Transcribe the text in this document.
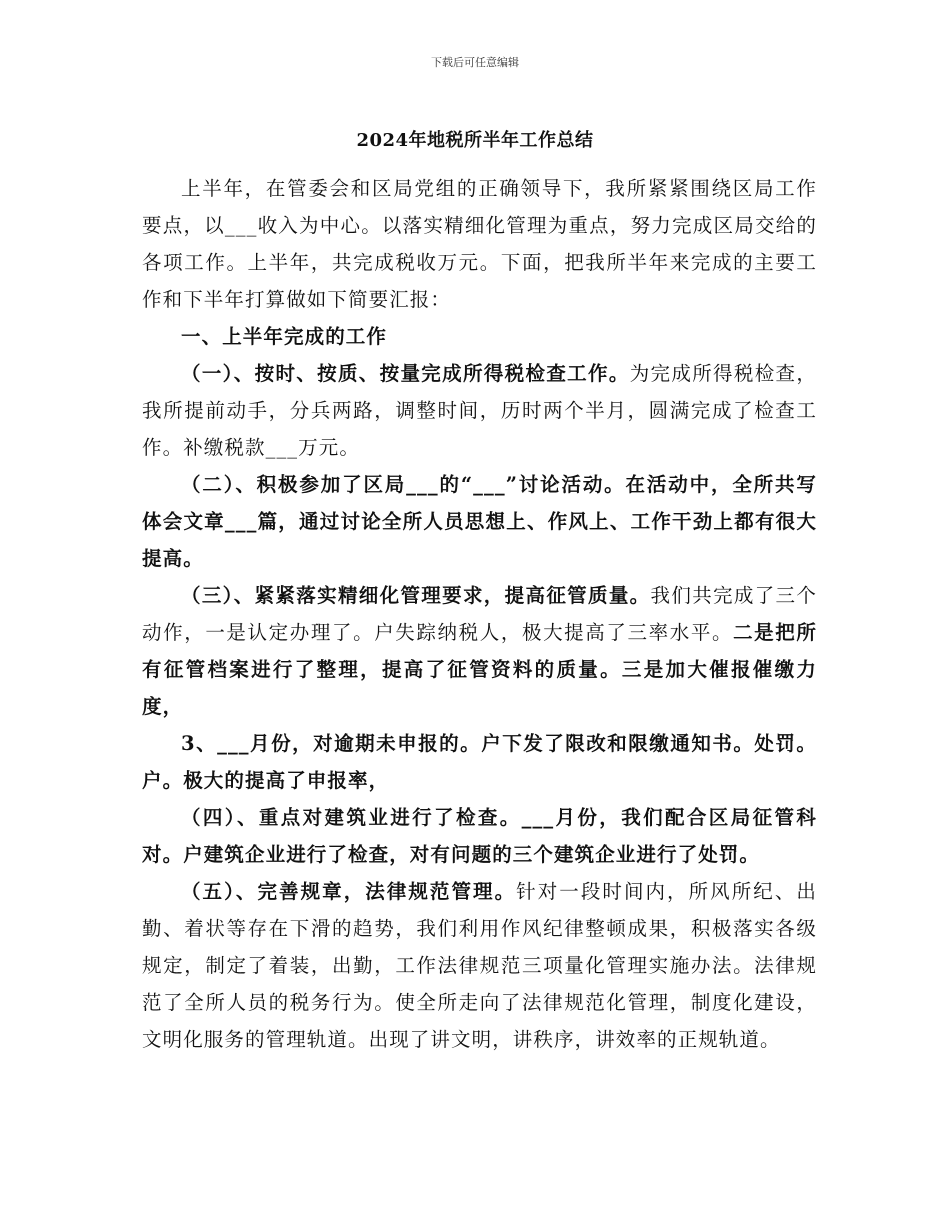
下载后可任意编辑
2024年地税所半年工作总结

上半年，在管委会和区局党组的正确领导下，我所紧紧围绕区局工作要点，以___收入为中心。以落实精细化管理为重点，努力完成区局交给的各项工作。上半年，共完成税收万元。下面，把我所半年来完成的主要工作和下半年打算做如下简要汇报：

一、上半年完成的工作

（一）、按时、按质、按量完成所得税检查工作。为完成所得税检查，我所提前动手，分兵两路，调整时间，历时两个半月，圆满完成了检查工作。补缴税款___万元。

（二）、积极参加了区局___的“___”讨论活动。在活动中，全所共写体会文章___篇，通过讨论全所人员思想上、作风上、工作干劲上都有很大提高。

（三）、紧紧落实精细化管理要求，提高征管质量。我们共完成了三个动作，一是认定办理了。户失踪纳税人，极大提高了三率水平。二是把所有征管档案进行了整理，提高了征管资料的质量。三是加大催报催缴力度，

3、___月份，对逾期未申报的。户下发了限改和限缴通知书。处罚。户。极大的提高了申报率，

（四）、重点对建筑业进行了检查。___月份，我们配合区局征管科对。户建筑企业进行了检查，对有问题的三个建筑企业进行了处罚。

（五）、完善规章，法律规范管理。针对一段时间内，所风所纪、出勤、着状等存在下滑的趋势，我们利用作风纪律整顿成果，积极落实各级规定，制定了着装，出勤，工作法律规范三项量化管理实施办法。法律规范了全所人员的税务行为。使全所走向了法律规范化管理，制度化建设，文明化服务的管理轨道。出现了讲文明，讲秩序，讲效率的正规轨道。
